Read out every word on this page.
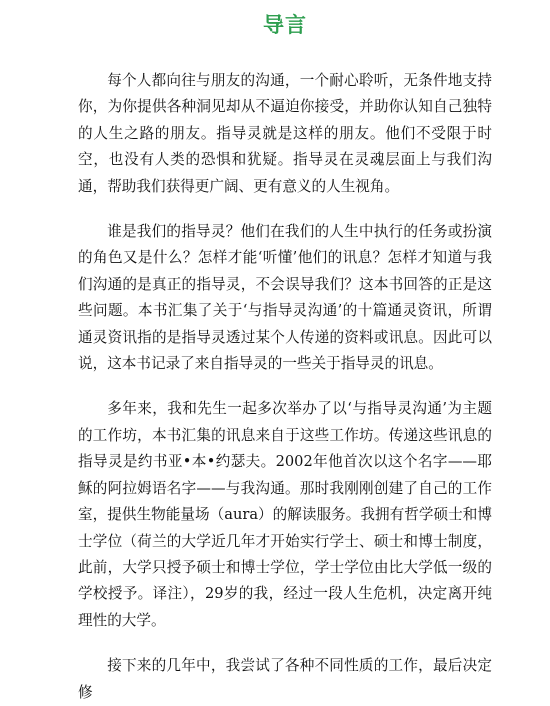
导言

每个人都向往与朋友的沟通，一个耐心聆听，无条件地支持你，为你提供各种洞见却从不逼迫你接受，并助你认知自己独特的人生之路的朋友。指导灵就是这样的朋友。他们不受限于时空，也没有人类的恐惧和犹疑。指导灵在灵魂层面上与我们沟通，帮助我们获得更广阔、更有意义的人生视角。

谁是我们的指导灵？他们在我们的人生中执行的任务或扮演的角色又是什么？怎样才能‘听懂’他们的讯息？怎样才知道与我们沟通的是真正的指导灵，不会误导我们？这本书回答的正是这些问题。本书汇集了关于‘与指导灵沟通’的十篇通灵资讯，所谓通灵资讯指的是指导灵透过某个人传递的资料或讯息。因此可以说，这本书记录了来自指导灵的一些关于指导灵的讯息。

多年来，我和先生一起多次举办了以‘与指导灵沟通’为主题的工作坊，本书汇集的讯息来自于这些工作坊。传递这些讯息的指导灵是约书亚•本•约瑟夫。2002年他首次以这个名字——耶稣的阿拉姆语名字——与我沟通。那时我刚刚创建了自己的工作室，提供生物能量场（aura）的解读服务。我拥有哲学硕士和博士学位（荷兰的大学近几年才开始实行学士、硕士和博士制度，此前，大学只授予硕士和博士学位，学士学位由比大学低一级的学校授予。译注），29岁的我，经过一段人生危机，决定离开纯理性的大学。

接下来的几年中，我尝试了各种不同性质的工作，最后决定修
